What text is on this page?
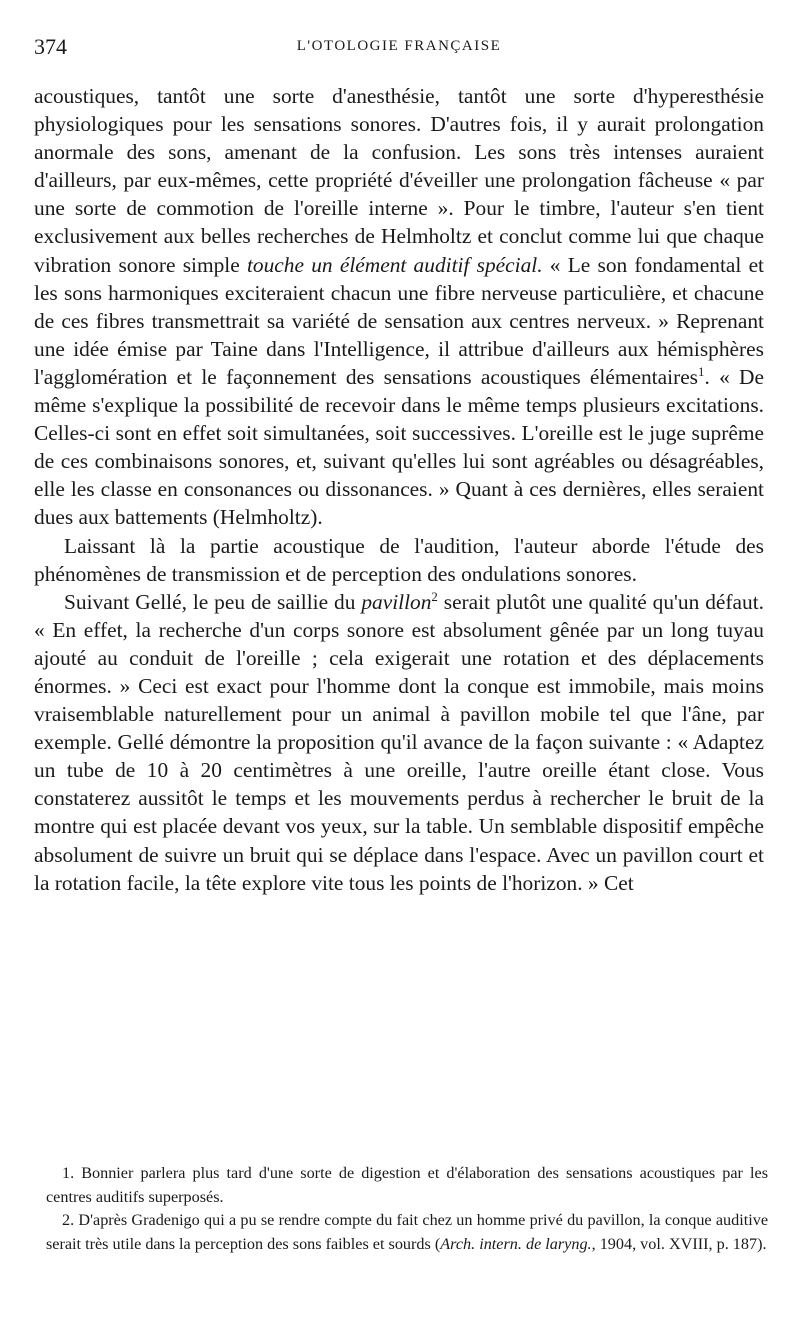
374	L'OTOLOGIE FRANÇAISE

acoustiques, tantôt une sorte d'anesthésie, tantôt une sorte d'hyperesthésie physiologiques pour les sensations sonores. D'autres fois, il y aurait prolongation anormale des sons, amenant de la confusion. Les sons très intenses auraient d'ailleurs, par eux-mêmes, cette propriété d'éveiller une prolongation fâcheuse « par une sorte de commotion de l'oreille interne ». Pour le timbre, l'auteur s'en tient exclusivement aux belles recherches de Helmholtz et conclut comme lui que chaque vibration sonore simple touche un élément auditif spécial. « Le son fondamental et les sons harmoniques exciteraient chacun une fibre nerveuse particulière, et chacune de ces fibres transmettrait sa variété de sensation aux centres nerveux. » Reprenant une idée émise par Taine dans l'Intelligence, il attribue d'ailleurs aux hémisphères l'agglomération et le façonnement des sensations acoustiques élémentaires$^1$. « De même s'explique la possibilité de recevoir dans le même temps plusieurs excitations. Celles-ci sont en effet soit simultanées, soit successives. L'oreille est le juge suprême de ces combinaisons sonores, et, suivant qu'elles lui sont agréables ou désagréables, elle les classe en consonances ou dissonances. » Quant à ces dernières, elles seraient dues aux battements (Helmholtz).

Laissant là la partie acoustique de l'audition, l'auteur aborde l'étude des phénomènes de transmission et de perception des ondulations sonores.

Suivant Gellé, le peu de saillie du pavillon$^2$ serait plutôt une qualité qu'un défaut. « En effet, la recherche d'un corps sonore est absolument gênée par un long tuyau ajouté au conduit de l'oreille ; cela exigerait une rotation et des déplacements énormes. » Ceci est exact pour l'homme dont la conque est immobile, mais moins vraisemblable naturellement pour un animal à pavillon mobile tel que l'âne, par exemple. Gellé démontre la proposition qu'il avance de la façon suivante : « Adaptez un tube de 10 à 20 centimètres à une oreille, l'autre oreille étant close. Vous constaterez aussitôt le temps et les mouvements perdus à rechercher le bruit de la montre qui est placée devant vos yeux, sur la table. Un semblable dispositif empêche absolument de suivre un bruit qui se déplace dans l'espace. Avec un pavillon court et la rotation facile, la tête explore vite tous les points de l'horizon. » Cet

1. Bonnier parlera plus tard d'une sorte de digestion et d'élaboration des sensations acoustiques par les centres auditifs superposés.

2. D'après Gradenigo qui a pu se rendre compte du fait chez un homme privé du pavillon, la conque auditive serait très utile dans la perception des sons faibles et sourds (Arch. intern. de laryng., 1904, vol. XVIII, p. 187).
